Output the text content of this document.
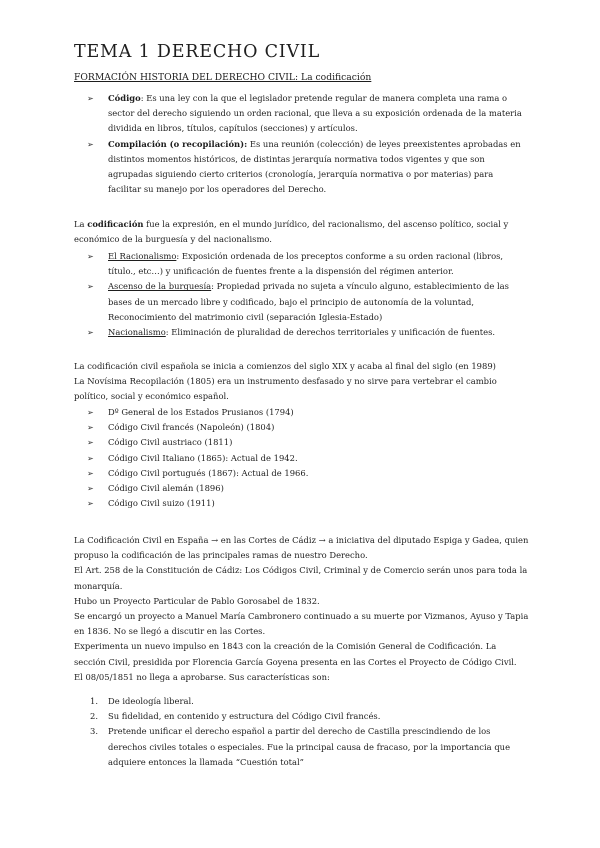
TEMA 1 DERECHO CIVIL
FORMACIÓN HISTORIA DEL DERECHO CIVIL: La codificación
➢ Código: Es una ley con la que el legislador pretende regular de manera completa una rama o sector del derecho siguiendo un orden racional, que lleva a su exposición ordenada de la materia dividida en libros, títulos, capítulos (secciones) y artículos.
➢ Compilación (o recopilación): Es una reunión (colección) de leyes preexistentes aprobadas en distintos momentos históricos, de distintas jerarquía normativa todos vigentes y que son agrupadas siguiendo cierto criterios (cronología, jerarquía normativa o por materias) para facilitar su manejo por los operadores del Derecho.

La codificación fue la expresión, en el mundo jurídico, del racionalismo, del ascenso político, social y económico de la burguesía y del nacionalismo.

➢ El Racionalismo: Exposición ordenada de los preceptos conforme a su orden racional (libros, título., etc…) y unificación de fuentes frente a la dispensión del régimen anterior.
➢ Ascenso de la burguesía: Propiedad privada no sujeta a vínculo alguno, establecimiento de las bases de un mercado libre y codificado, bajo el principio de autonomía de la voluntad, Reconocimiento del matrimonio civil (separación Iglesia-Estado)
➢ Nacionalismo: Eliminación de pluralidad de derechos territoriales y unificación de fuentes.

La codificación civil española se inicia a comienzos del siglo XIX y acaba al final del siglo (en 1989)

La Novísima Recopilación (1805) era un instrumento desfasado y no sirve para vertebrar el cambio político, social y económico español.

➢ Dº General de los Estados Prusianos (1794)
➢ Código Civil francés (Napoleón) (1804)
➢ Código Civil austriaco (1811)
➢ Código Civil Italiano (1865): Actual de 1942.
➢ Código Civil portugués (1867): Actual de 1966.
➢ Código Civil alemán (1896)
➢ Código Civil suizo (1911)

La Codificación Civil en España → en las Cortes de Cádiz → a iniciativa del diputado Espiga y Gadea, quien propuso la codificación de las principales ramas de nuestro Derecho.

El Art. 258 de la Constitución de Cádiz: Los Códigos Civil, Criminal y de Comercio serán unos para toda la monarquía.

Hubo un Proyecto Particular de Pablo Gorosabel de 1832.

Se encargó un proyecto a Manuel María Cambronero continuado a su muerte por Vizmanos, Ayuso y Tapia en 1836. No se llegó a discutir en las Cortes.

Experimenta un nuevo impulso en 1843 con la creación de la Comisión General de Codificación. La sección Civil, presidida por Florencia García Goyena presenta en las Cortes el Proyecto de Código Civil.

El 08/05/1851 no llega a aprobarse. Sus características son:

1. De ideología liberal.
2. Su fidelidad, en contenido y estructura del Código Civil francés.
3. Pretende unificar el derecho español a partir del derecho de Castilla prescindiendo de los derechos civiles totales o especiales. Fue la principal causa de fracaso, por la importancia que adquiere entonces la llamada “Cuestión total”
